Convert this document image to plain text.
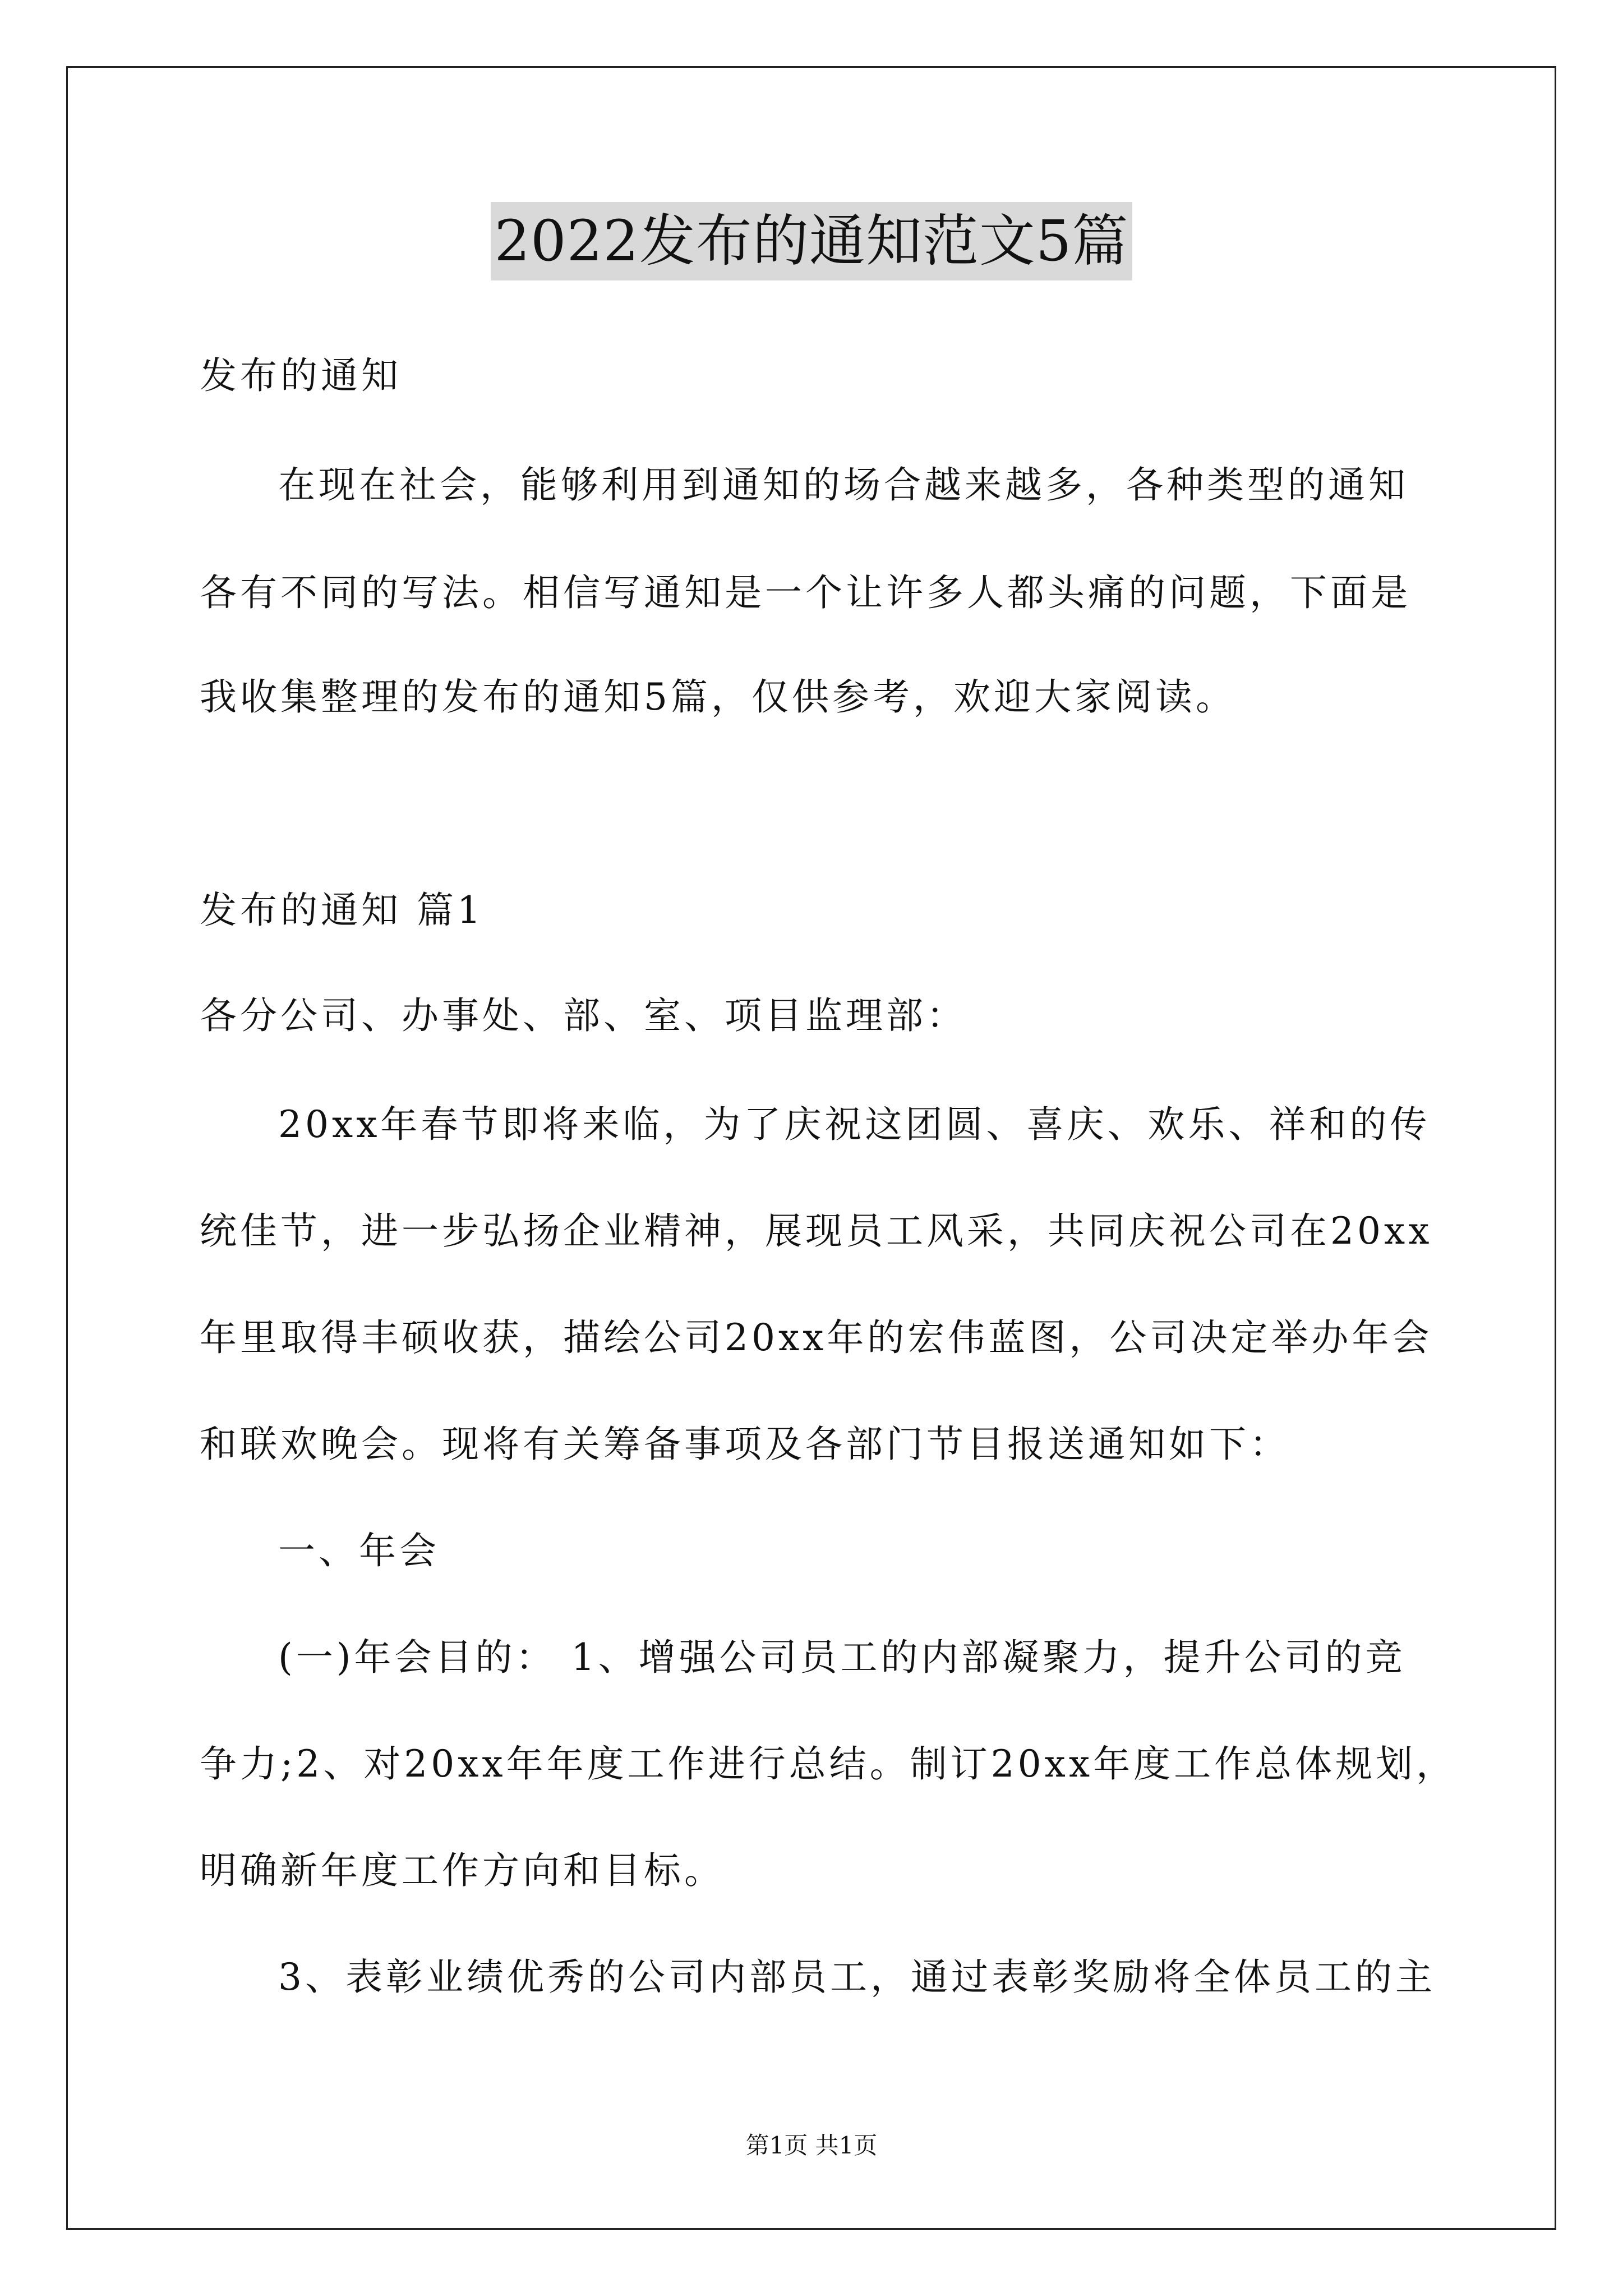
2022发布的通知范文5篇
发布的通知
在现在社会，能够利用到通知的场合越来越多，各种类型的通知
各有不同的写法。相信写通知是一个让许多人都头痛的问题，下面是
我收集整理的发布的通知5篇，仅供参考，欢迎大家阅读。
发布的通知 篇1
各分公司、办事处、部、室、项目监理部：
20xx年春节即将来临，为了庆祝这团圆、喜庆、欢乐、祥和的传
统佳节，进一步弘扬企业精神，展现员工风采，共同庆祝公司在20xx
年里取得丰硕收获，描绘公司20xx年的宏伟蓝图，公司决定举办年会
和联欢晚会。现将有关筹备事项及各部门节目报送通知如下：
一、年会
(一)年会目的： 1、增强公司员工的内部凝聚力，提升公司的竞
争力;2、对20xx年年度工作进行总结。制订20xx年度工作总体规划，
明确新年度工作方向和目标。
3、表彰业绩优秀的公司内部员工，通过表彰奖励将全体员工的主
第1页 共1页
